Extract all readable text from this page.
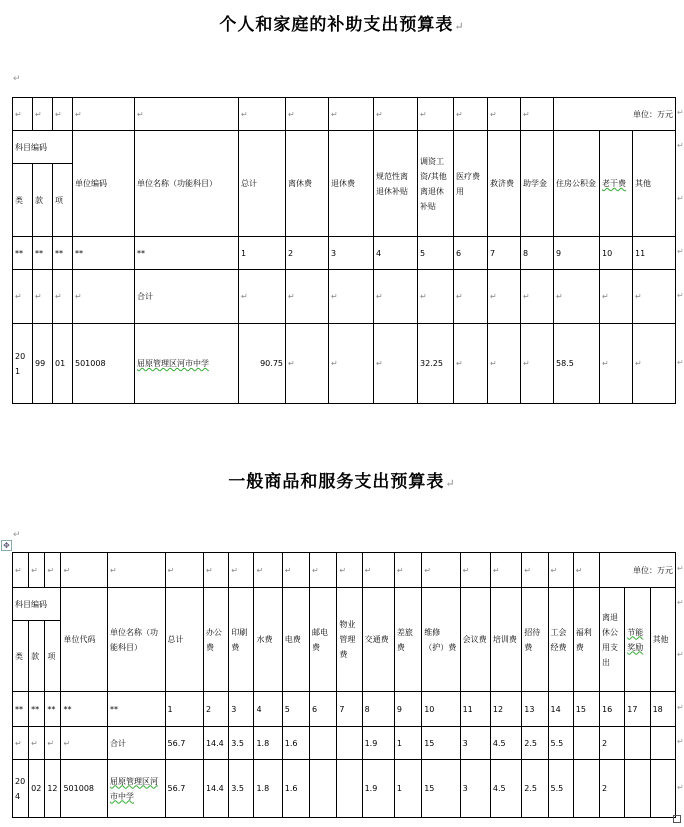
个人和家庭的补助支出预算表↵
↵
↵	↵	↵	↵	↵	↵	↵	↵	↵	↵	↵	↵	↵	单位：万元		
科目编码			单位编码	单位名称（功能科目）	总计	离休费	退休费	规范性离退休补贴	调资工资/其他离退休补贴	医疗费用	救济费	助学金	住房公积金	老干费	其他
类	款	项													
**	**	**	**	**	1	2	3	4	5	6	7	8	9	10	11
↵	↵	↵	↵	合计	↵	↵	↵	↵	↵	↵	↵	↵	↵	↵	↵
201	99	01	501008	屈原管理区河市中学	90.75	↵	↵	↵	32.25	↵	↵	↵	58.5	↵	↵
一般商品和服务支出预算表↵
✥
↵
↵	↵	↵	↵	↵	↵	↵	↵	↵	↵	↵	↵	↵	↵	↵	↵	↵	↵	↵	↵	单位：万元		
科目编码			单位代码	单位名称（功能科目）	总计	办公费	印刷费	水费	电费	邮电费	物业管理费	交通费	差旅费	维修（护）费	会议费	培训费	招待费	工会经费	福利费	离退休公用支出	节能奖励	其他
类	款	项																				
**	**	**	**	**	1	2	3	4	5	6	7	8	9	10	11	12	13	14	15	16	17	18
↵	↵	↵	↵	合计	56.7	14.4	3.5	1.8	1.6			1.9	1	15	3	4.5	2.5	5.5		2		
204	02	12	501008	屈原管理区河市中学	56.7	14.4	3.5	1.8	1.6			1.9	1	15	3	4.5	2.5	5.5		2		
↵
↵
↵
↵
↵
↵
↵
↵
↵
↵
↵
↵
